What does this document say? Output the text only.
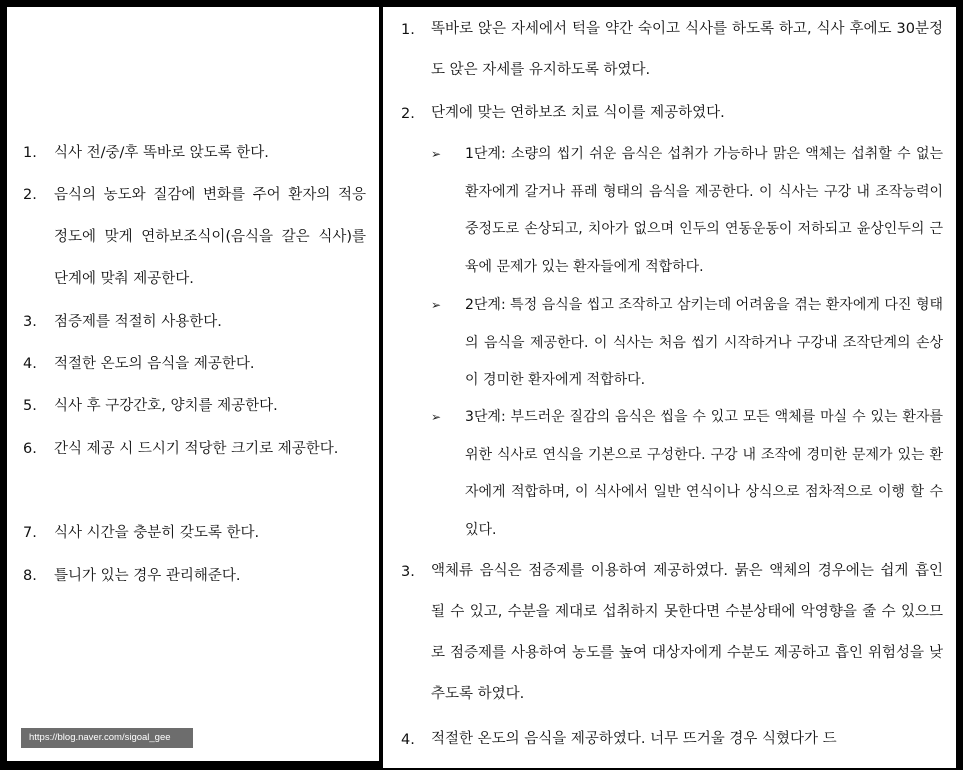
1.	식사 전/중/후 똑바로 앉도록 한다.
2.	음식의 농도와 질감에 변화를 주어 환자의 적응 정도에 맞게 연하보조식이(음식을 갈은 식사)를 단계에 맞춰 제공한다.
3.	점증제를 적절히 사용한다.
4.	적절한 온도의 음식을 제공한다.
5.	식사 후 구강간호, 양치를 제공한다.
6.	간식 제공 시 드시기 적당한 크기로 제공한다.
7.	식사 시간을 충분히 갖도록 한다.
8.	틀니가 있는 경우 관리해준다.
https://blog.naver.com/sigoal_gee
1.	똑바로 앉은 자세에서 턱을 약간 숙이고 식사를 하도록 하고, 식사 후에도 30분정도 앉은 자세를 유지하도록 하였다.
2.	단계에 맞는 연하보조 치료 식이를 제공하였다.
➢ 1단계: 소량의 씹기 쉬운 음식은 섭취가 가능하나 맑은 액체는 섭취할 수 없는 환자에게 갈거나 퓨레 형태의 음식을 제공한다. 이 식사는 구강 내 조작능력이 중정도로 손상되고, 치아가 없으며 인두의 연동운동이 저하되고 윤상인두의 근육에 문제가 있는 환자들에게 적합하다.
➢ 2단계: 특정 음식을 씹고 조작하고 삼키는데 어려움을 겪는 환자에게 다진 형태의 음식을 제공한다. 이 식사는 처음 씹기 시작하거나 구강내 조작단계의 손상이 경미한 환자에게 적합하다.
➢ 3단계: 부드러운 질감의 음식은 씹을 수 있고 모든 액체를 마실 수 있는 환자를 위한 식사로 연식을 기본으로 구성한다. 구강 내 조작에 경미한 문제가 있는 환자에게 적합하며, 이 식사에서 일반 연식이나 상식으로 점차적으로 이행 할 수 있다.
3.	액체류 음식은 점증제를 이용하여 제공하였다. 묽은 액체의 경우에는 쉽게 흡인 될 수 있고, 수분을 제대로 섭취하지 못한다면 수분상태에 악영향을 줄 수 있으므로 점증제를 사용하여 농도를 높여 대상자에게 수분도 제공하고 흡인 위험성을 낮추도록 하였다.
4.	적절한 온도의 음식을 제공하였다. 너무 뜨거울 경우 식혔다가 드
